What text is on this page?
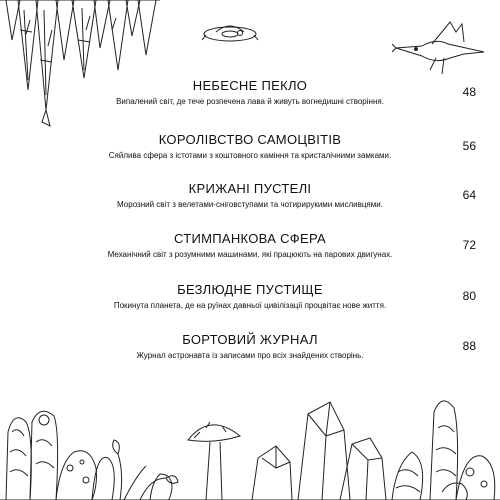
НЕБЕСНЕ ПЕКЛО
Випалений світ, де тече розпечена лава й живуть вогнедишні створіння.
48
КОРОЛІВСТВО САМОЦВІТІВ
Сяйлива сфера з істотами з коштовного каміння та кристалічними замками.
56
КРИЖАНІ ПУСТЕЛІ
Морозний світ з велетами-сніговступами та чотирирукими мисливцями.
64
СТИМПАНКОВА СФЕРА
Механічний світ з розумними машинами, які працюють на парових двигунах.
72
БЕЗЛЮДНЕ ПУСТИЩЕ
Покинута планета, де на руїнах давньої цивілізації процвітає нове життя.
80
БОРТОВИЙ ЖУРНАЛ
Журнал астронавта із записами про всіх знайдених створінь.
88
